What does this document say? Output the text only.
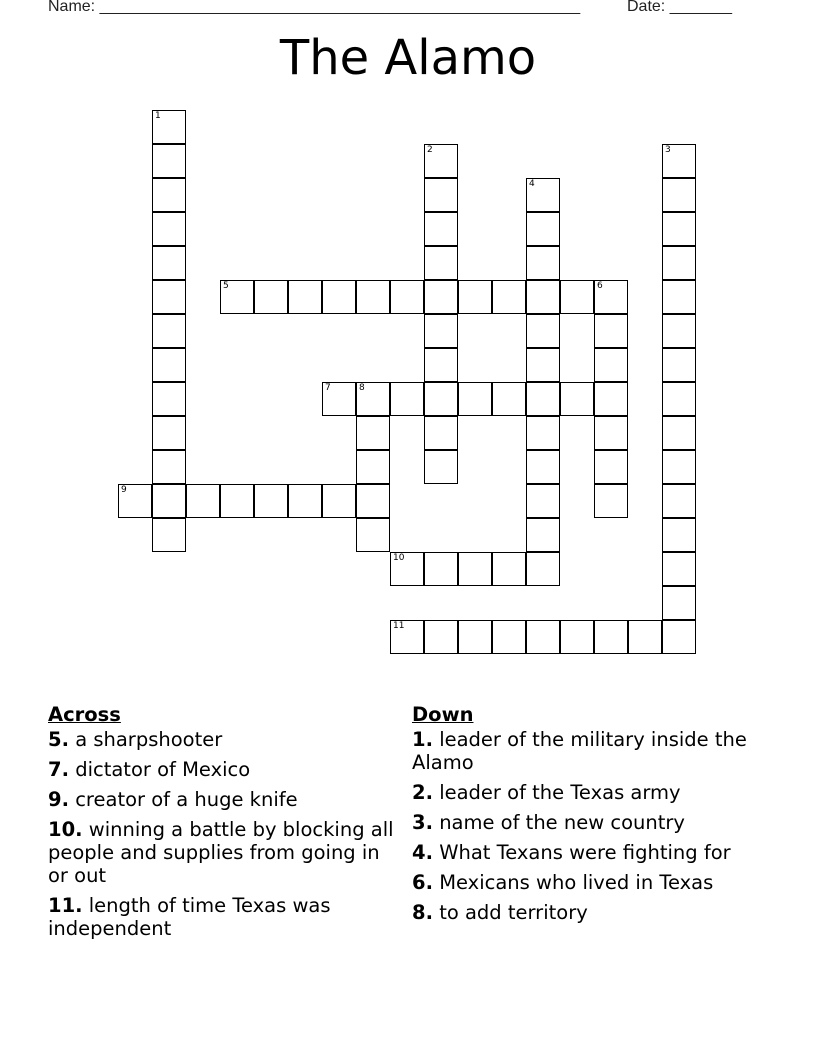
Name: ______________________________________________________	Date: _______
The Alamo
1
2	3
4
5	6
7	8
9
10
11
Across
5. a sharpshooter
7. dictator of Mexico
9. creator of a huge knife
10. winning a battle by blocking all people and supplies from going in or out
11. length of time Texas was independent
Down
1. leader of the military inside the Alamo
2. leader of the Texas army
3. name of the new country
4. What Texans were fighting for
6. Mexicans who lived in Texas
8. to add territory
